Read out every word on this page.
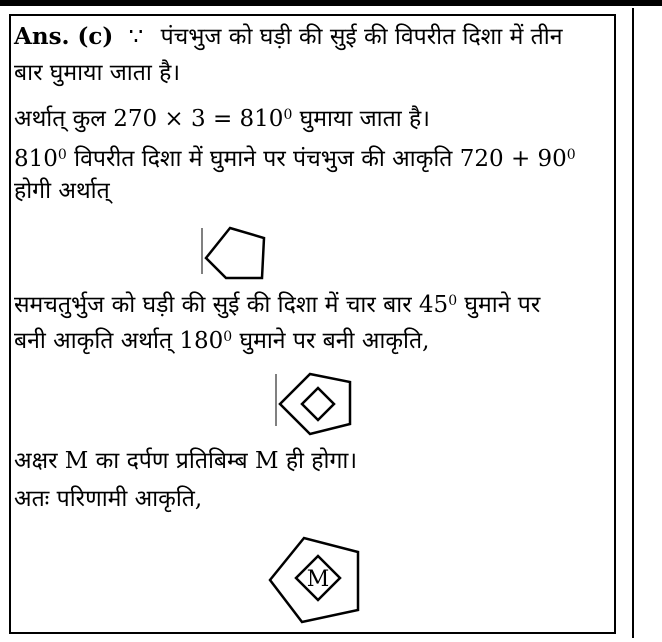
Ans. (c) ∵ पंचभुज को घड़ी की सुई की विपरीत दिशा में तीन
बार घुमाया जाता है।
अर्थात् कुल $270 \times 3 = 810^0$ घुमाया जाता है।
$810^0$ विपरीत दिशा में घुमाने पर पंचभुज की आकृति $720 + 90^0$
होगी अर्थात्
समचतुर्भुज को घड़ी की सुई की दिशा में चार बार $45^0$ घुमाने पर
बनी आकृति अर्थात् $180^0$ घुमाने पर बनी आकृति,
अक्षर M का दर्पण प्रतिबिम्ब M ही होगा।
अतः परिणामी आकृति,
M
